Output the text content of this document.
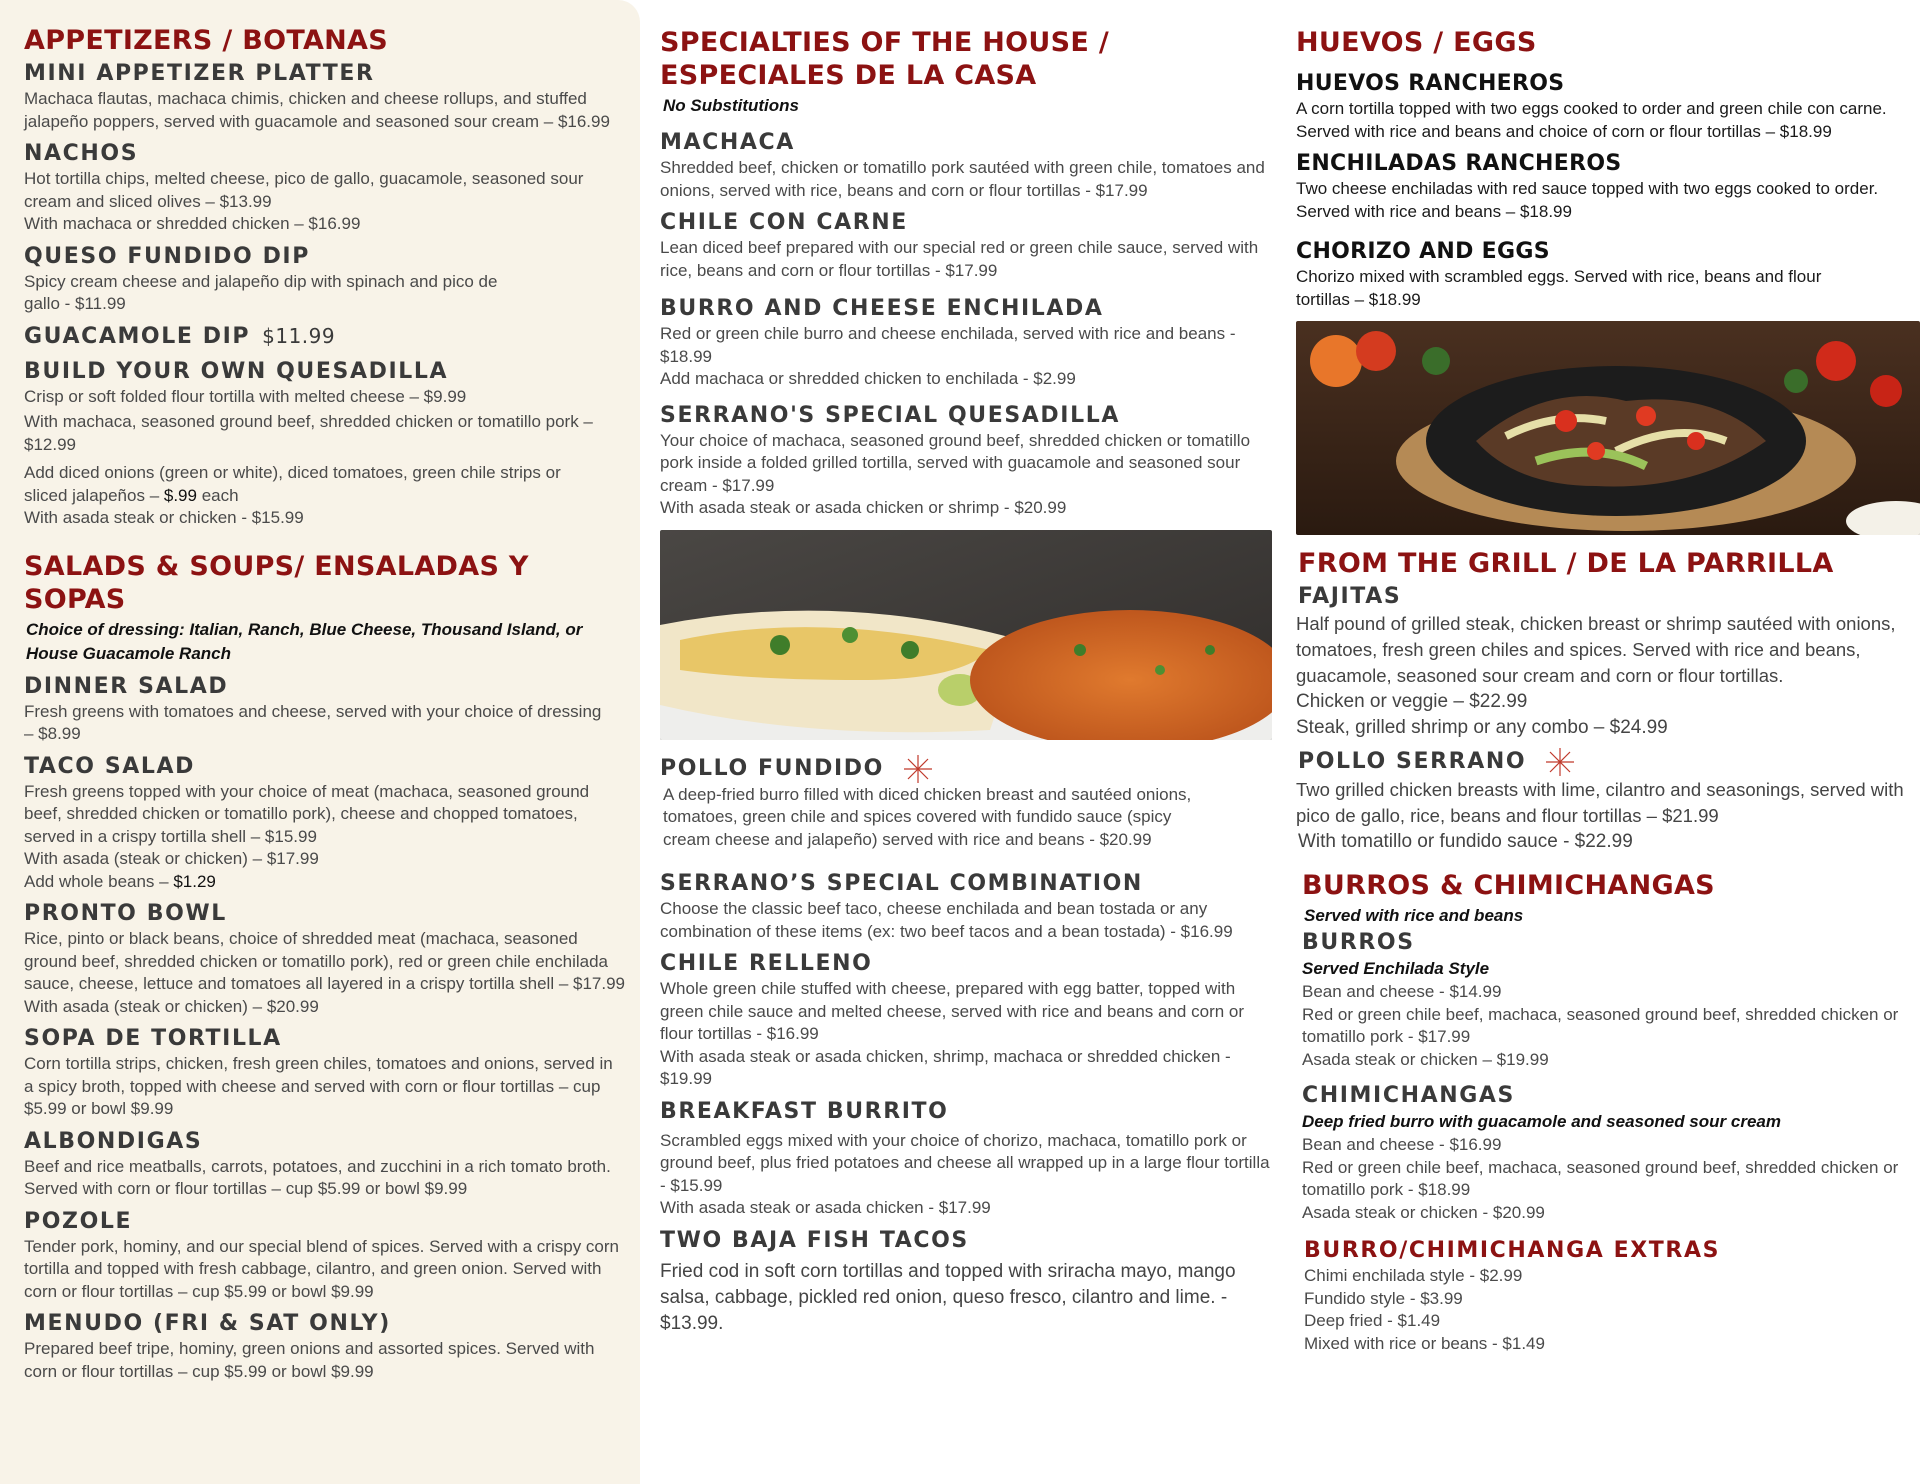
APPETIZERS / BOTANAS
MINI APPETIZER PLATTER
Machaca flautas, machaca chimis, chicken and cheese rollups, and stuffed jalapeño poppers, served with guacamole and seasoned sour cream – $16.99
NACHOS
Hot tortilla chips, melted cheese, pico de gallo, guacamole, seasoned sour cream and sliced olives – $13.99
With machaca or shredded chicken – $16.99
QUESO FUNDIDO DIP
Spicy cream cheese and jalapeño dip with spinach and pico de gallo - $11.99
GUACAMOLE DIP $11.99
BUILD YOUR OWN QUESADILLA
Crisp or soft folded flour tortilla with melted cheese – $9.99
With machaca, seasoned ground beef, shredded chicken or tomatillo pork – $12.99
Add diced onions (green or white), diced tomatoes, green chile strips or sliced jalapeños – $.99 each
With asada steak or chicken - $15.99
SALADS & SOUPS/ ENSALADAS Y SOPAS
Choice of dressing: Italian, Ranch, Blue Cheese, Thousand Island, or House Guacamole Ranch
DINNER SALAD
Fresh greens with tomatoes and cheese, served with your choice of dressing – $8.99
TACO SALAD
Fresh greens topped with your choice of meat (machaca, seasoned ground beef, shredded chicken or tomatillo pork), cheese and chopped tomatoes, served in a crispy tortilla shell – $15.99
With asada (steak or chicken) – $17.99
Add whole beans – $1.29
PRONTO BOWL
Rice, pinto or black beans, choice of shredded meat (machaca, seasoned ground beef, shredded chicken or tomatillo pork), red or green chile enchilada sauce, cheese, lettuce and tomatoes all layered in a crispy tortilla shell – $17.99
With asada (steak or chicken) – $20.99
SOPA DE TORTILLA
Corn tortilla strips, chicken, fresh green chiles, tomatoes and onions, served in a spicy broth, topped with cheese and served with corn or flour tortillas – cup $5.99 or bowl $9.99
ALBONDIGAS
Beef and rice meatballs, carrots, potatoes, and zucchini in a rich tomato broth. Served with corn or flour tortillas – cup $5.99 or bowl $9.99
POZOLE
Tender pork, hominy, and our special blend of spices. Served with a crispy corn tortilla and topped with fresh cabbage, cilantro, and green onion. Served with corn or flour tortillas – cup $5.99 or bowl $9.99
MENUDO (FRI & SAT ONLY)
Prepared beef tripe, hominy, green onions and assorted spices. Served with corn or flour tortillas – cup $5.99 or bowl $9.99
SPECIALTIES OF THE HOUSE / ESPECIALES DE LA CASA
No Substitutions
MACHACA
Shredded beef, chicken or tomatillo pork sautéed with green chile, tomatoes and onions, served with rice, beans and corn or flour tortillas - $17.99
CHILE CON CARNE
Lean diced beef prepared with our special red or green chile sauce, served with rice, beans and corn or flour tortillas - $17.99
BURRO AND CHEESE ENCHILADA
Red or green chile burro and cheese enchilada, served with rice and beans - $18.99
Add machaca or shredded chicken to enchilada - $2.99
SERRANO'S SPECIAL QUESADILLA
Your choice of machaca, seasoned ground beef, shredded chicken or tomatillo pork inside a folded grilled tortilla, served with guacamole and seasoned sour cream - $17.99
With asada steak or asada chicken or shrimp - $20.99
POLLO FUNDIDO
A deep-fried burro filled with diced chicken breast and sautéed onions, tomatoes, green chile and spices covered with fundido sauce (spicy cream cheese and jalapeño) served with rice and beans - $20.99
SERRANO’S SPECIAL COMBINATION
Choose the classic beef taco, cheese enchilada and bean tostada or any combination of these items (ex: two beef tacos and a bean tostada) - $16.99
CHILE RELLENO
Whole green chile stuffed with cheese, prepared with egg batter, topped with green chile sauce and melted cheese, served with rice and beans and corn or flour tortillas - $16.99
With asada steak or asada chicken, shrimp, machaca or shredded chicken - $19.99
BREAKFAST BURRITO
Scrambled eggs mixed with your choice of chorizo, machaca, tomatillo pork or ground beef, plus fried potatoes and cheese all wrapped up in a large flour tortilla - $15.99
With asada steak or asada chicken - $17.99
TWO BAJA FISH TACOS
Fried cod in soft corn tortillas and topped with sriracha mayo, mango salsa, cabbage, pickled red onion, queso fresco, cilantro and lime. - $13.99.
HUEVOS / EGGS
HUEVOS RANCHEROS
A corn tortilla topped with two eggs cooked to order and green chile con carne. Served with rice and beans and choice of corn or flour tortillas – $18.99
ENCHILADAS RANCHEROS
Two cheese enchiladas with red sauce topped with two eggs cooked to order. Served with rice and beans – $18.99
CHORIZO AND EGGS
Chorizo mixed with scrambled eggs. Served with rice, beans and flour tortillas – $18.99
FROM THE GRILL / DE LA PARRILLA
FAJITAS
Half pound of grilled steak, chicken breast or shrimp sautéed with onions, tomatoes, fresh green chiles and spices. Served with rice and beans, guacamole, seasoned sour cream and corn or flour tortillas.
Chicken or veggie – $22.99
Steak, grilled shrimp or any combo – $24.99
POLLO SERRANO
Two grilled chicken breasts with lime, cilantro and seasonings, served with pico de gallo, rice, beans and flour tortillas – $21.99
With tomatillo or fundido sauce - $22.99
BURROS & CHIMICHANGAS
Served with rice and beans
BURROS
Served Enchilada Style
Bean and cheese - $14.99
Red or green chile beef, machaca, seasoned ground beef, shredded chicken or tomatillo pork - $17.99
Asada steak or chicken – $19.99
CHIMICHANGAS
Deep fried burro with guacamole and seasoned sour cream
Bean and cheese - $16.99
Red or green chile beef, machaca, seasoned ground beef, shredded chicken or tomatillo pork - $18.99
Asada steak or chicken - $20.99
BURRO/CHIMICHANGA EXTRAS
Chimi enchilada style - $2.99
Fundido style - $3.99
Deep fried - $1.49
Mixed with rice or beans - $1.49
